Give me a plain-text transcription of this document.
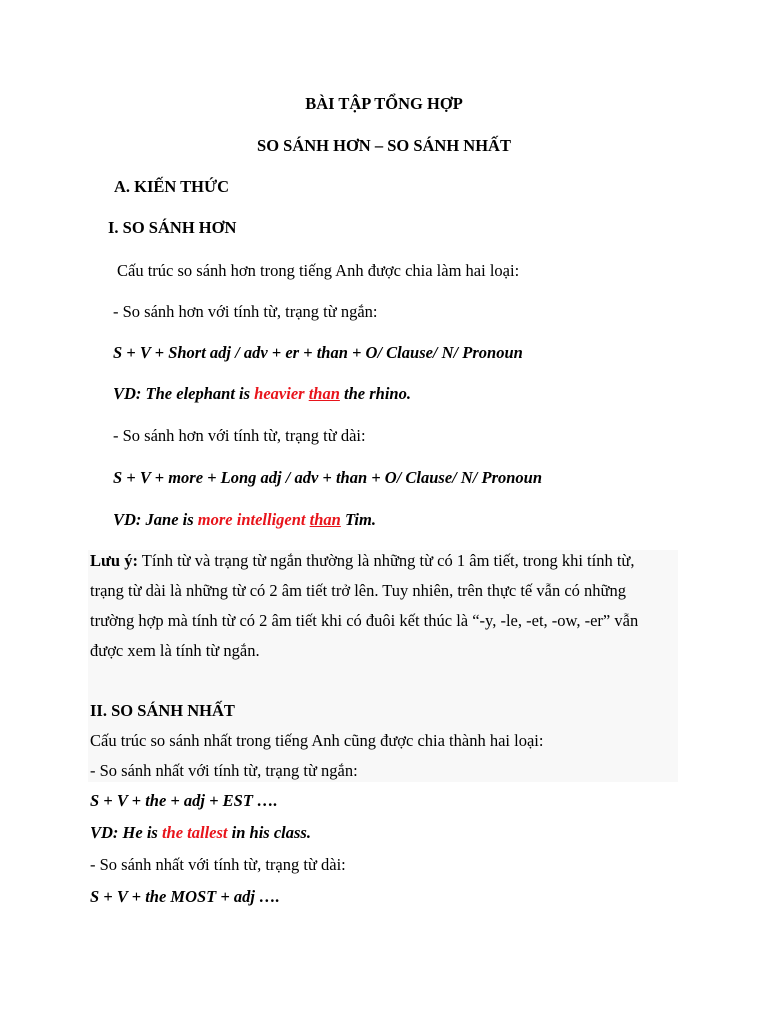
BÀI TẬP TỔNG HỢP
SO SÁNH HƠN – SO SÁNH NHẤT
A. KIẾN THỨC
I. SO SÁNH HƠN
Cấu trúc so sánh hơn trong tiếng Anh được chia làm hai loại:
- So sánh hơn với tính từ, trạng từ ngắn:
S + V + Short adj / adv + er + than + O/ Clause/ N/ Pronoun
VD: The elephant is heavier than the rhino.
- So sánh hơn với tính từ, trạng từ dài:
S + V + more + Long adj / adv + than + O/ Clause/ N/ Pronoun
VD: Jane is more intelligent than Tim.
Lưu ý: Tính từ và trạng từ ngắn thường là những từ có 1 âm tiết, trong khi tính từ,
trạng từ dài là những từ có 2 âm tiết trở lên. Tuy nhiên, trên thực tế vẫn có những
trường hợp mà tính từ có 2 âm tiết khi có đuôi kết thúc là “-y, -le, -et, -ow, -er” vẫn
được xem là tính từ ngắn.
II. SO SÁNH NHẤT
Cấu trúc so sánh nhất trong tiếng Anh cũng được chia thành hai loại:
- So sánh nhất với tính từ, trạng từ ngắn:
S + V + the + adj + EST ….
VD: He is the tallest in his class.
- So sánh nhất với tính từ, trạng từ dài:
S + V + the MOST + adj ….
